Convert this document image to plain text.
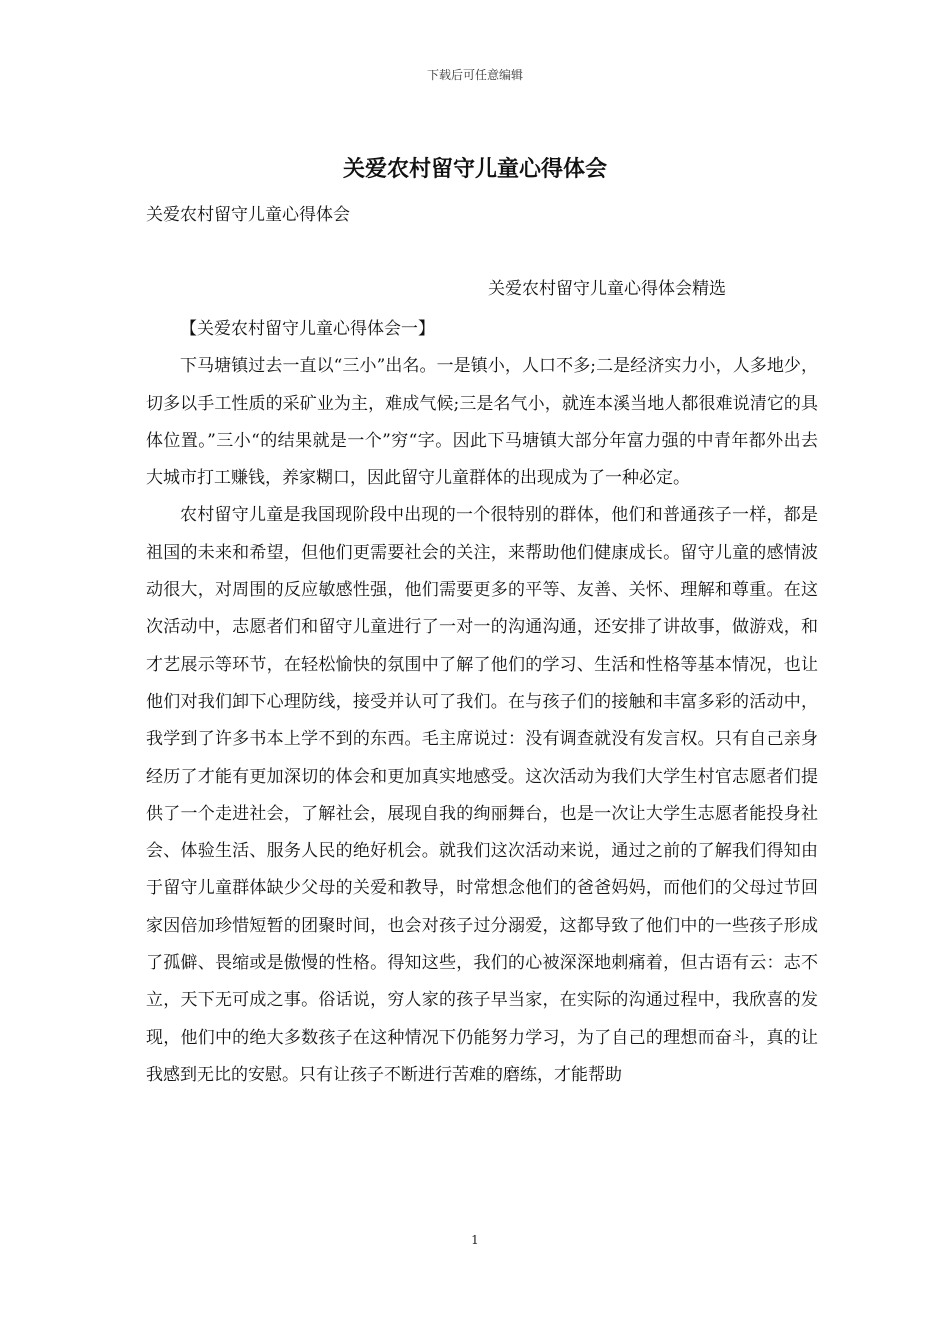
下载后可任意编辑
关爱农村留守儿童心得体会
关爱农村留守儿童心得体会
关爱农村留守儿童心得体会精选

【关爱农村留守儿童心得体会一】

下马塘镇过去一直以“三小”出名。一是镇小，人口不多;二是经济实力小，人多地少，切多以手工性质的采矿业为主，难成气候;三是名气小，就连本溪当地人都很难说清它的具体位置。”三小“的结果就是一个”穷“字。因此下马塘镇大部分年富力强的中青年都外出去大城市打工赚钱，养家糊口，因此留守儿童群体的出现成为了一种必定。

农村留守儿童是我国现阶段中出现的一个很特别的群体，他们和普通孩子一样，都是祖国的未来和希望，但他们更需要社会的关注，来帮助他们健康成长。留守儿童的感情波动很大，对周围的反应敏感性强，他们需要更多的平等、友善、关怀、理解和尊重。在这次活动中，志愿者们和留守儿童进行了一对一的沟通沟通，还安排了讲故事，做游戏，和才艺展示等环节，在轻松愉快的氛围中了解了他们的学习、生活和性格等基本情况，也让他们对我们卸下心理防线，接受并认可了我们。在与孩子们的接触和丰富多彩的活动中，我学到了许多书本上学不到的东西。毛主席说过：没有调查就没有发言权。只有自己亲身经历了才能有更加深切的体会和更加真实地感受。这次活动为我们大学生村官志愿者们提供了一个走进社会，了解社会，展现自我的绚丽舞台，也是一次让大学生志愿者能投身社会、体验生活、服务人民的绝好机会。就我们这次活动来说，通过之前的了解我们得知由于留守儿童群体缺少父母的关爱和教导，时常想念他们的爸爸妈妈，而他们的父母过节回家因倍加珍惜短暂的团聚时间，也会对孩子过分溺爱，这都导致了他们中的一些孩子形成了孤僻、畏缩或是傲慢的性格。得知这些，我们的心被深深地刺痛着，但古语有云：志不立，天下无可成之事。俗话说，穷人家的孩子早当家，在实际的沟通过程中，我欣喜的发现，他们中的绝大多数孩子在这种情况下仍能努力学习，为了自己的理想而奋斗，真的让我感到无比的安慰。只有让孩子不断进行苦难的磨练，才能帮助

1
